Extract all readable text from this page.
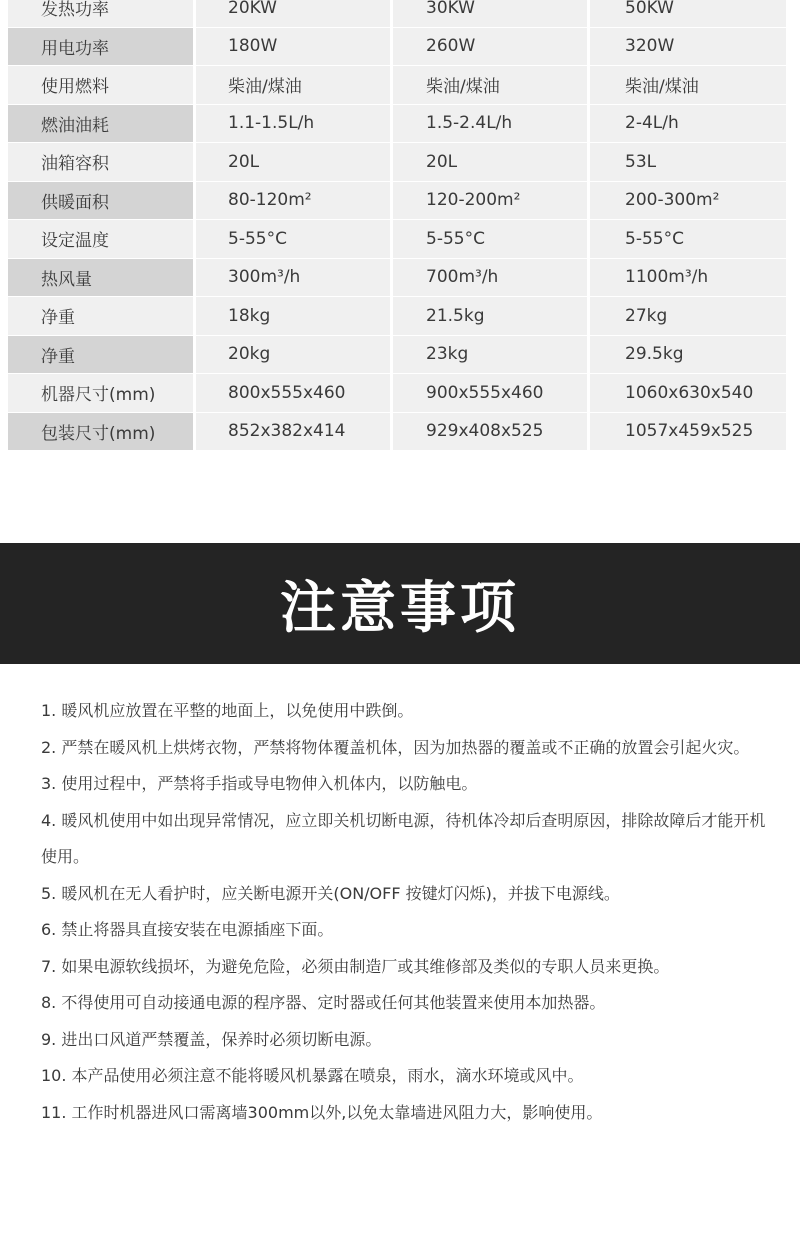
发热功率	20KW	30KW	50KW
用电功率	180W	260W	320W
使用燃料	柴油/煤油	柴油/煤油	柴油/煤油
燃油油耗	1.1-1.5L/h	1.5-2.4L/h	2-4L/h
油箱容积	20L	20L	53L
供暖面积	80-120m²	120-200m²	200-300m²
设定温度	5-55°C	5-55°C	5-55°C
热风量	300m³/h	700m³/h	1100m³/h
净重	18kg	21.5kg	27kg
净重	20kg	23kg	29.5kg
机器尺寸(mm)	800x555x460	900x555x460	1060x630x540
包装尺寸(mm)	852x382x414	929x408x525	1057x459x525
注意事项

1. 暖风机应放置在平整的地面上，以免使用中跌倒。

2. 严禁在暖风机上烘烤衣物，严禁将物体覆盖机体，因为加热器的覆盖或不正确的放置会引起火灾。

3. 使用过程中，严禁将手指或导电物伸入机体内，以防触电。

4. 暖风机使用中如出现异常情况，应立即关机切断电源，待机体冷却后查明原因，排除故障后才能开机使用。

5. 暖风机在无人看护时，应关断电源开关(ON/OFF 按键灯闪烁)，并拔下电源线。

6. 禁止将器具直接安装在电源插座下面。

7. 如果电源软线损坏，为避免危险，必须由制造厂或其维修部及类似的专职人员来更换。

8. 不得使用可自动接通电源的程序器、定时器或任何其他装置来使用本加热器。

9. 进出口风道严禁覆盖，保养时必须切断电源。

10. 本产品使用必须注意不能将暖风机暴露在喷泉，雨水，滴水环境或风中。

11. 工作时机器进风口需离墙300mm以外,以免太靠墙进风阻力大，影响使用。
